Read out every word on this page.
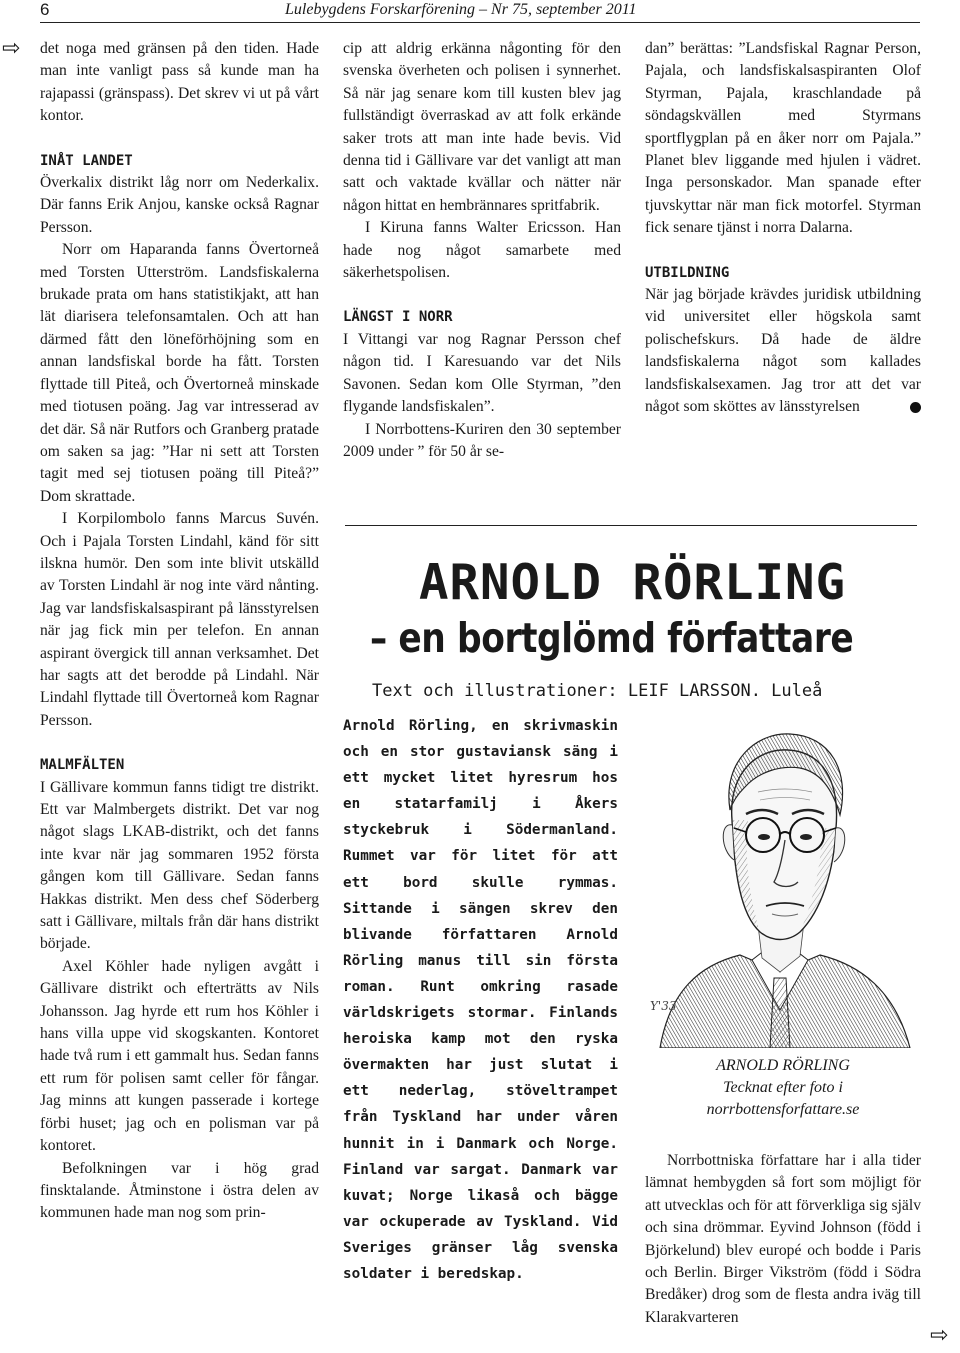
6	Lulebygdens Forskarförening – Nr 75, september 2011
⇨
⇨

det noga med gränsen på den tiden. Hade man inte vanligt pass så kunde man ha rajapassi (gränspass). Det skrev vi ut på vårt kontor.

INÅT LANDET

Överkalix distrikt låg norr om Nederkalix. Där fanns Erik Anjou, kanske också Ragnar Persson.

Norr om Haparanda fanns Övertorneå med Torsten Utterström. Landsfiskalerna brukade prata om hans statistikjakt, att han lät diarisera telefonsamtalen. Och att han därmed fått den löneförhöjning som en annan landsfiskal borde ha fått. Torsten flyttade till Piteå, och Övertorneå minskade med tiotusen poäng. Jag var intresserad av det där. Så när Rutfors och Granberg pratade om saken sa jag: ”Har ni sett att Torsten tagit med sej tiotusen poäng till Piteå?” Dom skrattade.

I Korpilombolo fanns Marcus Suvén. Och i Pajala Torsten Lindahl, känd för sitt ilskna humör. Den som inte blivit utskälld av Torsten Lindahl är nog inte värd nånting. Jag var landsfiskalsaspirant på länsstyrelsen när jag fick min per telefon. En annan aspirant övergick till annan verksamhet. Det har sagts att det berodde på Lindahl. När Lindahl flyttade till Övertorneå kom Ragnar Persson.

MALMFÄLTEN

I Gällivare kommun fanns tidigt tre distrikt. Ett var Malmbergets distrikt. Det var nog något slags LKAB-distrikt, och det fanns inte kvar när jag sommaren 1952 första gången kom till Gällivare. Sedan fanns Hakkas distrikt. Men dess chef Söderberg satt i Gällivare, miltals från där hans distrikt började.

Axel Köhler hade nyligen avgått i Gällivare distrikt och efterträtts av Nils Johansson. Jag hyrde ett rum hos Köhler i hans villa uppe vid skogskanten. Kontoret hade två rum i ett gammalt hus. Sedan fanns ett rum för polisen samt celler för fångar. Jag minns att kungen passerade i kortege förbi huset; jag och en polisman var på kontoret.

Befolkningen var i hög grad finsktalande. Åtminstone i östra delen av kommunen hade man nog som prin-

cip att aldrig erkänna någonting för den svenska överheten och polisen i synnerhet. Så när jag senare kom till kusten blev jag fullständigt överraskad av att folk erkände saker trots att man inte hade bevis. Vid denna tid i Gällivare var det vanligt att man satt och vaktade kvällar och nätter när någon hittat en hembrännares spritfabrik.

I Kiruna fanns Walter Ericsson. Han hade nog något samarbete med säkerhetspolisen.

LÄNGST I NORR

I Vittangi var nog Ragnar Persson chef någon tid. I Karesuando var det Nils Savonen. Sedan kom Olle Styrman, ”den flygande landsfiskalen”.

I Norrbottens-Kuriren den 30 september 2009 under ” för 50 år se-

dan” berättas: ”Landsfiskal Ragnar Person, Pajala, och landsfiskalsaspiranten Olof Styrman, Pajala, kraschlandade på söndagskvällen med Styrmans sportflygplan på en åker norr om Pajala.” Planet blev liggande med hjulen i vädret. Inga personskador. Man spanade efter tjuvskyttar när man fick motorfel. Styrman fick senare tjänst i norra Dalarna.

UTBILDNING

När jag började krävdes juridisk utbildning vid universitet eller högskola samt polischefskurs. Då hade de äldre landsfiskalerna något som kallades landsfiskalsexamen. Jag tror att det var något som sköttes av länsstyrelsen

ARNOLD RÖRLING
– en bortglömd författare
Text och illustrationer: LEIF LARSSON. Luleå
Arnold Rörling, en skrivmaskin och en stor gustaviansk säng i ett mycket litet hyresrum hos en statarfamilj i Åkers styckebruk i Södermanland. Rummet var för litet för att ett bord skulle rymmas. Sittande i sängen skrev den blivande författaren Arnold Rörling manus till sin första roman. Runt omkring rasade världskrigets stormar. Finlands heroiska kamp mot den ryska övermakten har just slutat i ett nederlag, stöveltrampet från Tyskland har under våren hunnit in i Danmark och Norge. Finland var sargat. Danmark var kuvat; Norge likaså och bägge var ockuperade av Tyskland. Vid Sveriges gränser låg svenska soldater i beredskap.
Y'33
ARNOLD RÖRLING
Tecknat efter foto i
norrbottensforfattare.se

Norrbottniska författare har i alla tider lämnat hembygden så fort som möjligt för att utvecklas och för att förverkliga sig själv och sina drömmar. Eyvind Johnson (född i Björkelund) blev europé och bodde i Paris och Berlin. Birger Vikström (född i Södra Bredåker) drog som de flesta andra iväg till Klarakvarteren
